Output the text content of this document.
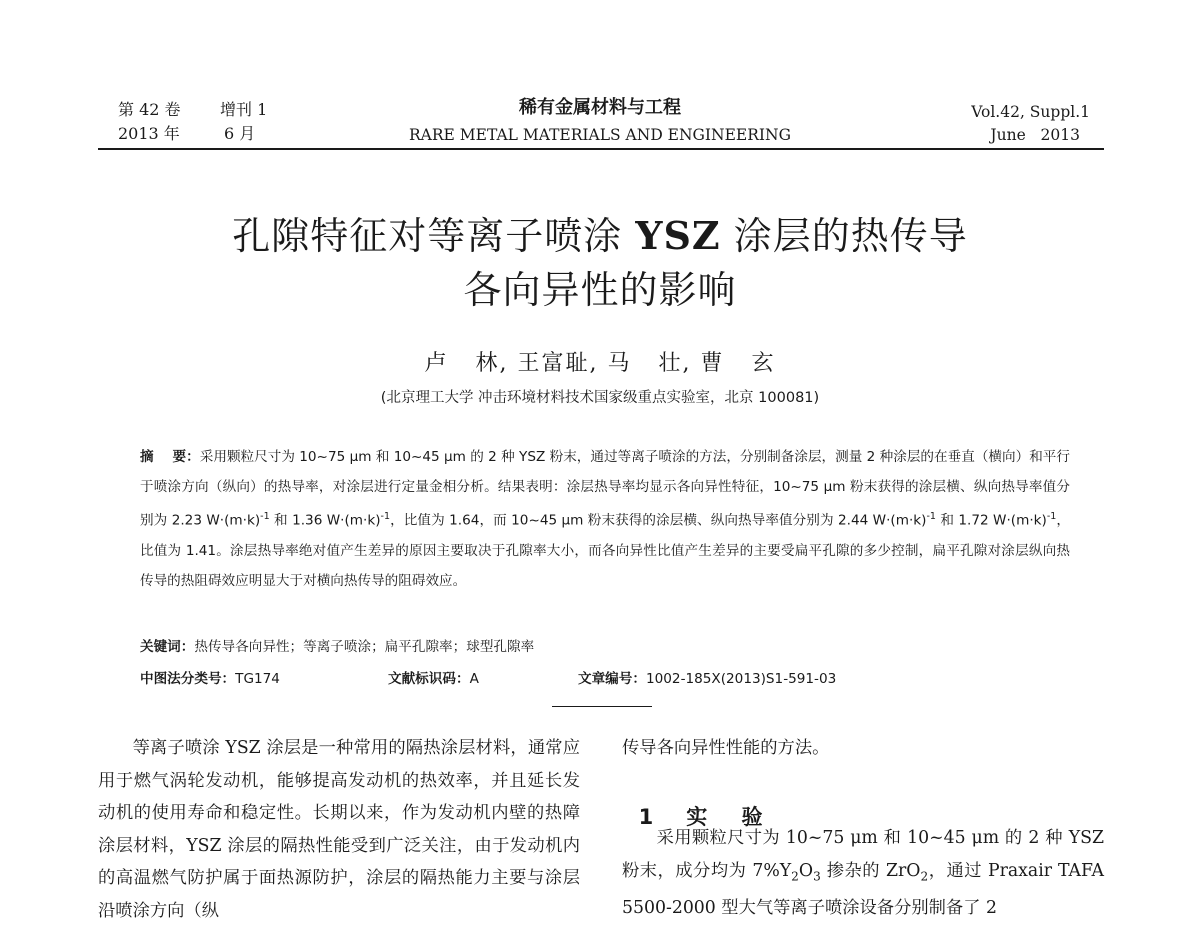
第 42 卷 增刊 1
2013 年	6 月
稀有金属材料与工程
RARE METAL MATERIALS AND ENGINEERING
Vol.42, Suppl.1
June   2013
孔隙特征对等离子喷涂 YSZ 涂层的热传导
各向异性的影响
卢   林, 王富耻, 马   壮, 曹   玄
(北京理工大学 冲击环境材料技术国家级重点实验室，北京 100081)
摘    要：采用颗粒尺寸为 10~75 μm 和 10~45 μm 的 2 种 YSZ 粉末，通过等离子喷涂的方法，分别制备涂层，测量 2 种涂层的在垂直（横向）和平行于喷涂方向（纵向）的热导率，对涂层进行定量金相分析。结果表明：涂层热导率均显示各向异性特征，10~75 μm 粉末获得的涂层横、纵向热导率值分别为 2.23 $W\cdot(m\cdot k)^{-1}$ 和 1.36 $W\cdot(m\cdot k)^{-1}$，比值为 1.64，而 10~45 μm 粉末获得的涂层横、纵向热导率值分别为 2.44 $W\cdot(m\cdot k)^{-1}$ 和 1.72 $W\cdot(m\cdot k)^{-1}$，比值为 1.41。涂层热导率绝对值产生差异的原因主要取决于孔隙率大小，而各向异性比值产生差异的主要受扁平孔隙的多少控制，扁平孔隙对涂层纵向热传导的热阻碍效应明显大于对横向热传导的阻碍效应。
关键词：热传导各向异性；等离子喷涂；扁平孔隙率；球型孔隙率
中图法分类号：TG174	文献标识码：A	文章编号：1002-185X(2013)S1-591-03

等离子喷涂 YSZ 涂层是一种常用的隔热涂层材料，通常应用于燃气涡轮发动机，能够提高发动机的热效率，并且延长发动机的使用寿命和稳定性。长期以来，作为发动机内壁的热障涂层材料，YSZ 涂层的隔热性能受到广泛关注，由于发动机内的高温燃气防护属于面热源防护，涂层的隔热能力主要与涂层沿喷涂方向（纵

传导各向异性性能的方法。

1 实    验

采用颗粒尺寸为 10~75 μm 和 10~45 μm 的 2 种 YSZ 粉末，成分均为 $7\%Y_2O_3$ 掺杂的 ZrO$_2$，通过 Praxair TAFA 5500-2000 型大气等离子喷涂设备分别制备了 2
